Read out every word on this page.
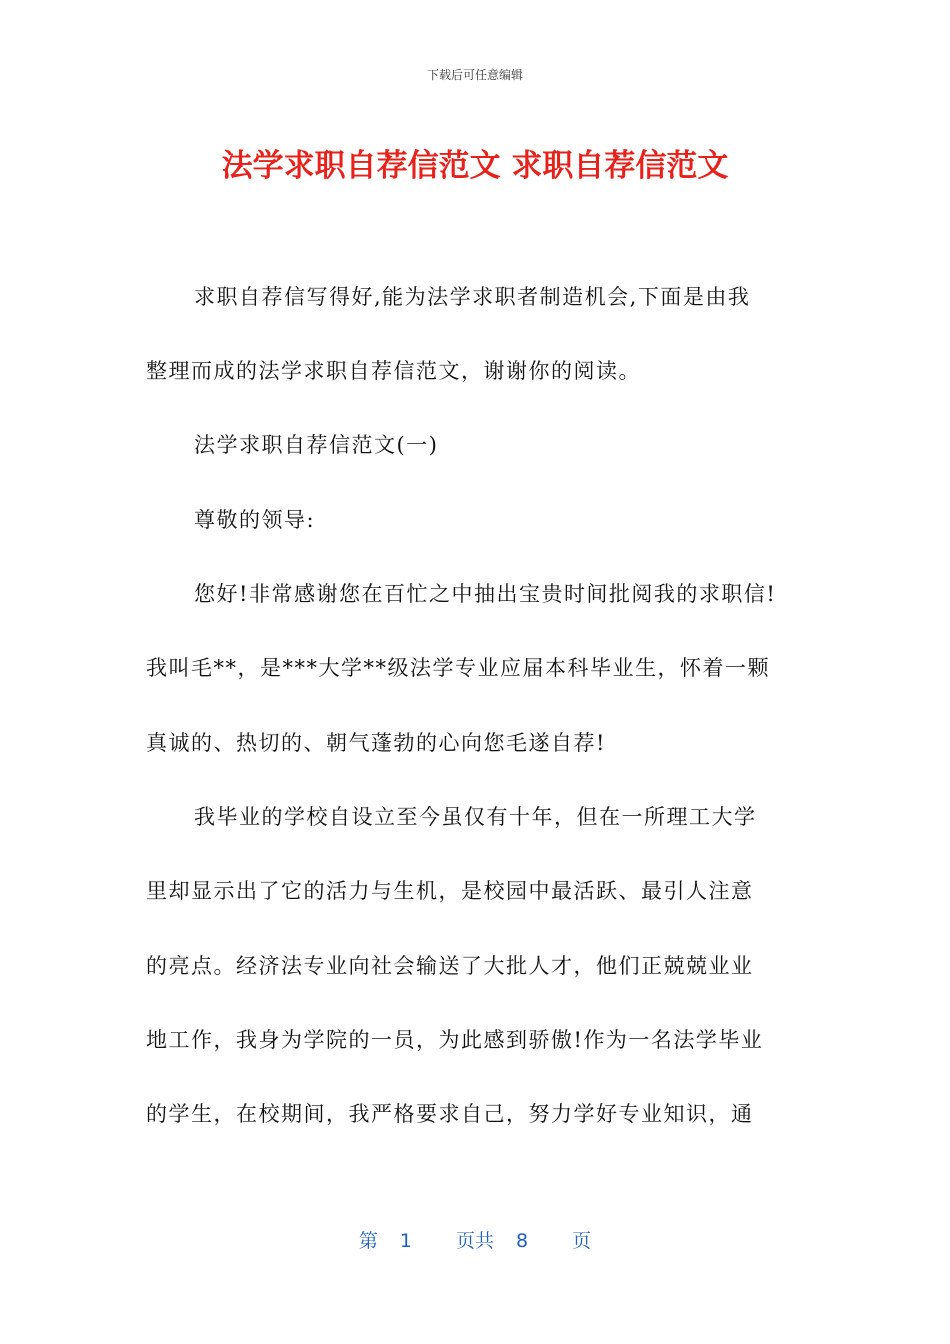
下载后可任意编辑
法学求职自荐信范文 求职自荐信范文
求职自荐信写得好,能为法学求职者制造机会,下面是由我
整理而成的法学求职自荐信范文，谢谢你的阅读。
法学求职自荐信范文(一)
尊敬的领导:
您好!非常感谢您在百忙之中抽出宝贵时间批阅我的求职信!
我叫毛**，是***大学**级法学专业应届本科毕业生，怀着一颗
真诚的、热切的、朝气蓬勃的心向您毛遂自荐!
我毕业的学校自设立至今虽仅有十年，但在一所理工大学
里却显示出了它的活力与生机，是校园中最活跃、最引人注意
的亮点。经济法专业向社会输送了大批人才，他们正兢兢业业
地工作，我身为学院的一员，为此感到骄傲!作为一名法学毕业
的学生，在校期间，我严格要求自己，努力学好专业知识，通
第 1 页共 8 页
